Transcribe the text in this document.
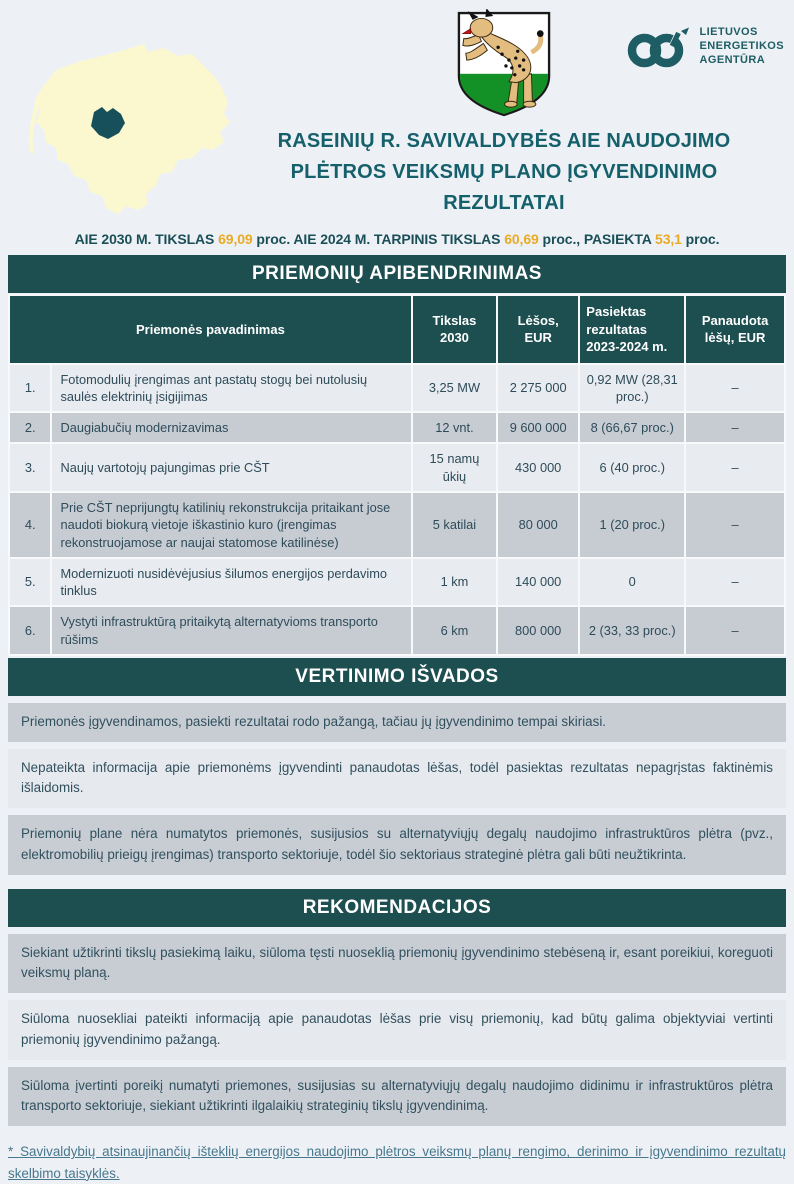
LIETUVOS
ENERGETIKOS
AGENTŪRA
RASEINIŲ R. SAVIVALDYBĖS AIE NAUDOJIMO PLĖTROS VEIKSMŲ PLANO ĮGYVENDINIMO REZULTATAI
AIE 2030 M. TIKSLAS 69,09 proc. AIE 2024 M. TARPINIS TIKSLAS 60,69 proc., PASIEKTA 53,1 proc.
PRIEMONIŲ APIBENDRINIMAS
Priemonės pavadinimas		Tikslas 2030	Lėšos, EUR	Pasiektas rezultatas 2023-2024 m.	Panaudota lėšų, EUR
1.	Fotomodulių įrengimas ant pastatų stogų bei nutolusių saulės elektrinių įsigijimas	3,25 MW	2 275 000	0,92 MW (28,31 proc.)	–
2.	Daugiabučių modernizavimas	12 vnt.	9 600 000	8 (66,67 proc.)	–
3.	Naujų vartotojų pajungimas prie CŠT	15 namų ūkių	430 000	6 (40 proc.)	–
4.	Prie CŠT neprijungtų katilinių rekonstrukcija pritaikant jose naudoti biokurą vietoje iškastinio kuro (įrengimas rekonstruojamose ar naujai statomose katilinėse)	5 katilai	80 000	1 (20 proc.)	–
5.	Modernizuoti nusidėvėjusius šilumos energijos perdavimo tinklus	1 km	140 000	0	–
6.	Vystyti infrastruktūrą pritaikytą alternatyvioms transporto rūšims	6 km	800 000	2 (33, 33 proc.)	–
VERTINIMO IŠVADOS
Priemonės įgyvendinamos, pasiekti rezultatai rodo pažangą, tačiau jų įgyvendinimo tempai skiriasi.
Nepateikta informacija apie priemonėms įgyvendinti panaudotas lėšas, todėl pasiektas rezultatas nepagrįstas faktinėmis išlaidomis.
Priemonių plane nėra numatytos priemonės, susijusios su alternatyviųjų degalų naudojimo infrastruktūros plėtra (pvz., elektromobilių prieigų įrengimas) transporto sektoriuje, todėl šio sektoriaus strateginė plėtra gali būti neužtikrinta.
REKOMENDACIJOS
Siekiant užtikrinti tikslų pasiekimą laiku, siūloma tęsti nuoseklią priemonių įgyvendinimo stebėseną ir, esant poreikiui, koreguoti veiksmų planą.
Siūloma nuosekliai pateikti informaciją apie panaudotas lėšas prie visų priemonių, kad būtų galima objektyviai vertinti priemonių įgyvendinimo pažangą.
Siūloma įvertinti poreikį numatyti priemones, susijusias su alternatyviųjų degalų naudojimo didinimu ir infrastruktūros plėtra transporto sektoriuje, siekiant užtikrinti ilgalaikių strateginių tikslų įgyvendinimą.
* Savivaldybių atsinaujinančių išteklių energijos naudojimo plėtros veiksmų planų rengimo, derinimo ir įgyvendinimo rezultatų skelbimo taisyklės.
